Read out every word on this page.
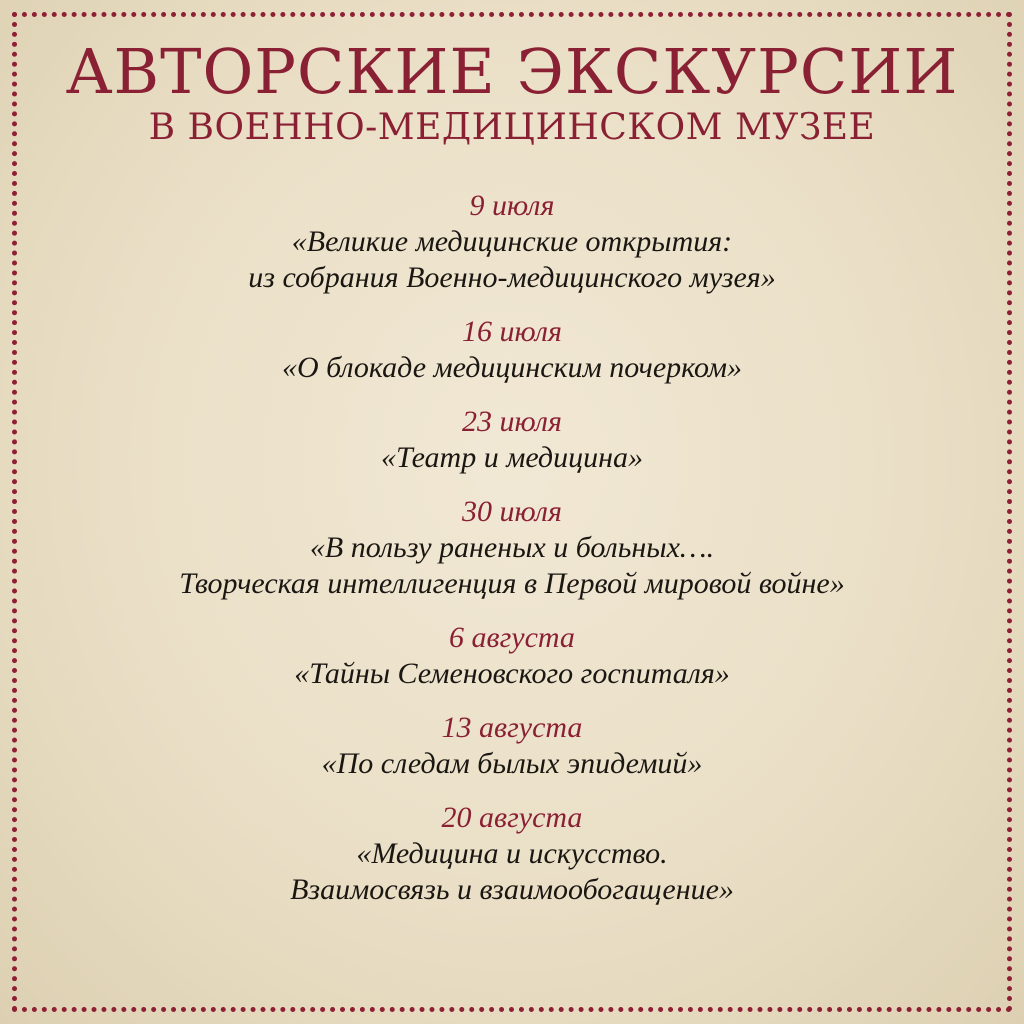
АВТОРСКИЕ ЭКСКУРСИИ
В ВОЕННО-МЕДИЦИНСКОМ МУЗЕЕ
9 июля
«Великие медицинские открытия:
из собрания Военно-медицинского музея»
16 июля
«О блокаде медицинским почерком»
23 июля
«Театр и медицина»
30 июля
«В пользу раненых и больных….
Творческая интеллигенция в Первой мировой войне»
6 августа
«Тайны Семеновского госпиталя»
13 августа
«По следам былых эпидемий»
20 августа
«Медицина и искусство.
Взаимосвязь и взаимообогащение»
